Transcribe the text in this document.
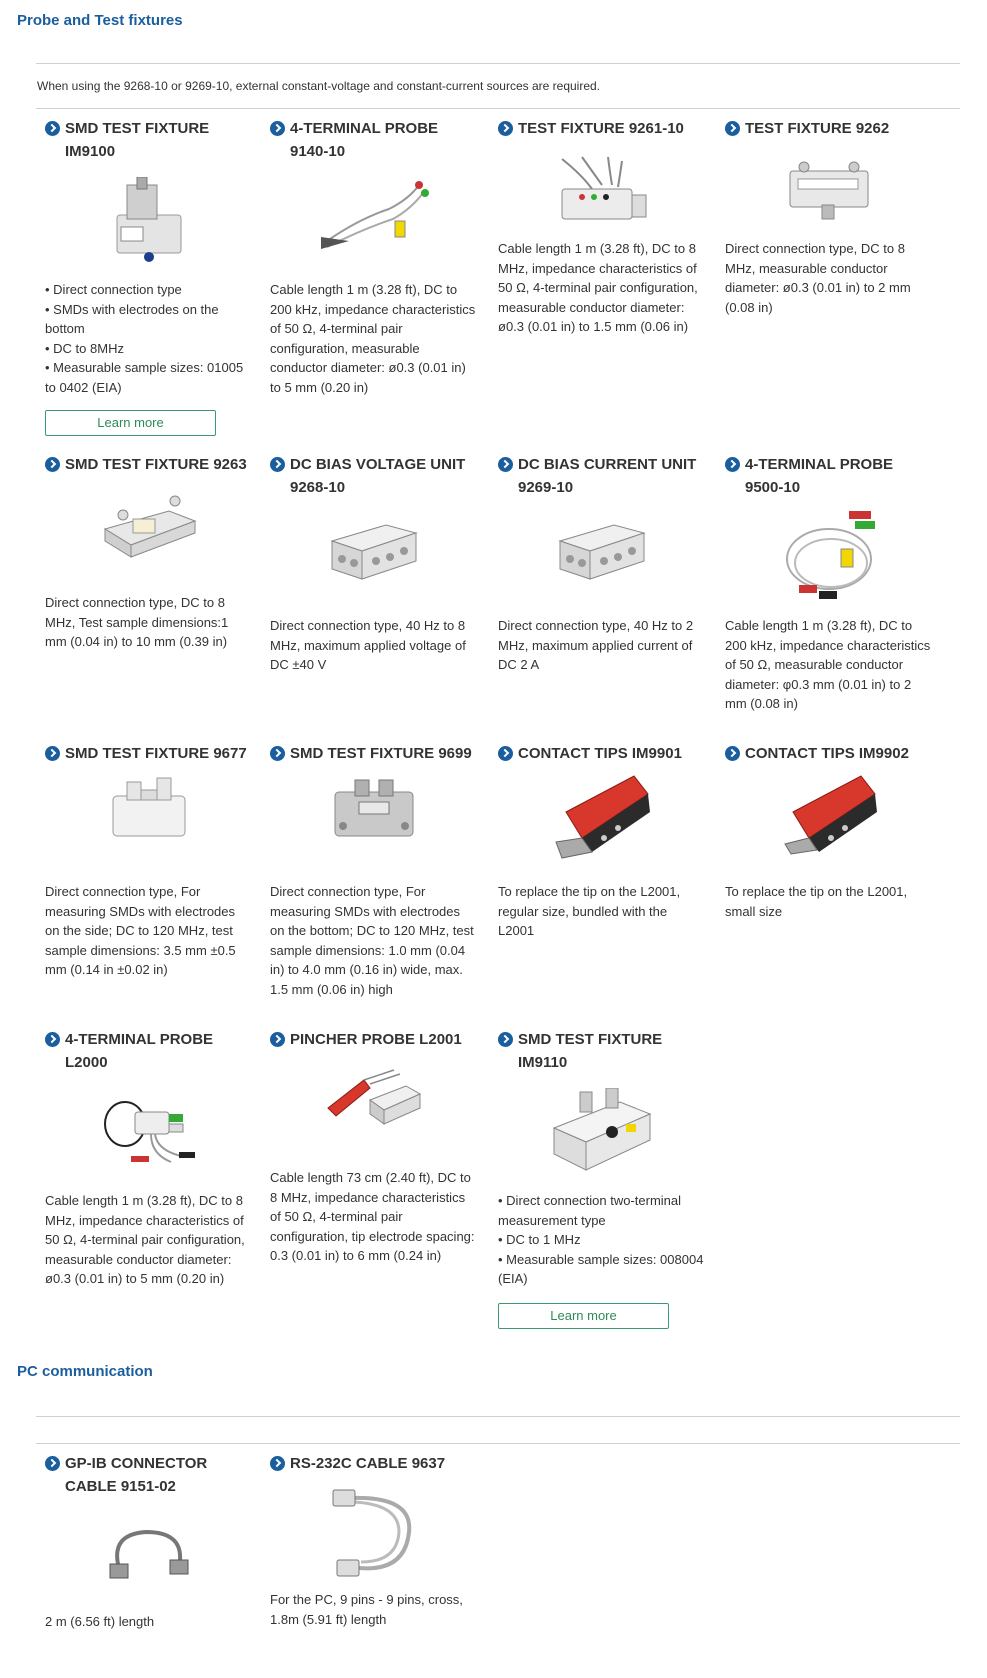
Probe and Test fixtures
When using the 9268-10 or 9269-10, external constant-voltage and constant-current sources are required.
SMD TEST FIXTURE IM9100
• Direct connection type
• SMDs with electrodes on the bottom
• DC to 8MHz
• Measurable sample sizes: 01005 to 0402 (EIA)
Learn more
4-TERMINAL PROBE 9140-10
Cable length 1 m (3.28 ft), DC to 200 kHz, impedance characteristics of 50 Ω, 4-terminal pair configuration, measurable conductor diameter: ø0.3 (0.01 in) to 5 mm (0.20 in)
TEST FIXTURE 9261-10
Cable length 1 m (3.28 ft), DC to 8 MHz, impedance characteristics of 50 Ω, 4-terminal pair configuration, measurable conductor diameter: ø0.3 (0.01 in) to 1.5 mm (0.06 in)
TEST FIXTURE 9262
Direct connection type, DC to 8 MHz, measurable conductor diameter: ø0.3 (0.01 in) to 2 mm (0.08 in)
SMD TEST FIXTURE 9263
Direct connection type, DC to 8 MHz, Test sample dimensions:1 mm (0.04 in) to 10 mm (0.39 in)
DC BIAS VOLTAGE UNIT 9268-10
Direct connection type, 40 Hz to 8 MHz, maximum applied voltage of DC ±40 V
DC BIAS CURRENT UNIT 9269-10
Direct connection type, 40 Hz to 2 MHz, maximum applied current of DC 2 A
4-TERMINAL PROBE 9500-10
Cable length 1 m (3.28 ft), DC to 200 kHz, impedance characteristics of 50 Ω, measurable conductor diameter: φ0.3 mm (0.01 in) to 2 mm (0.08 in)
SMD TEST FIXTURE 9677
Direct connection type, For measuring SMDs with electrodes on the side; DC to 120 MHz, test sample dimensions: 3.5 mm ±0.5 mm (0.14 in ±0.02 in)
SMD TEST FIXTURE 9699
Direct connection type, For measuring SMDs with electrodes on the bottom; DC to 120 MHz, test sample dimensions: 1.0 mm (0.04 in) to 4.0 mm (0.16 in) wide, max. 1.5 mm (0.06 in) high
CONTACT TIPS IM9901
To replace the tip on the L2001, regular size, bundled with the L2001
CONTACT TIPS IM9902
To replace the tip on the L2001, small size
4-TERMINAL PROBE L2000
Cable length 1 m (3.28 ft), DC to 8 MHz, impedance characteristics of 50 Ω, 4-terminal pair configuration, measurable conductor diameter: ø0.3 (0.01 in) to 5 mm (0.20 in)
PINCHER PROBE L2001
Cable length 73 cm (2.40 ft), DC to 8 MHz, impedance characteristics of 50 Ω, 4-terminal pair configuration, tip electrode spacing: 0.3 (0.01 in) to 6 mm (0.24 in)
SMD TEST FIXTURE IM9110
• Direct connection two-terminal measurement type
• DC to 1 MHz
• Measurable sample sizes: 008004 (EIA)
Learn more
PC communication
GP-IB CONNECTOR CABLE 9151-02
2 m (6.56 ft) length
RS-232C CABLE 9637
For the PC, 9 pins - 9 pins, cross, 1.8m (5.91 ft) length
